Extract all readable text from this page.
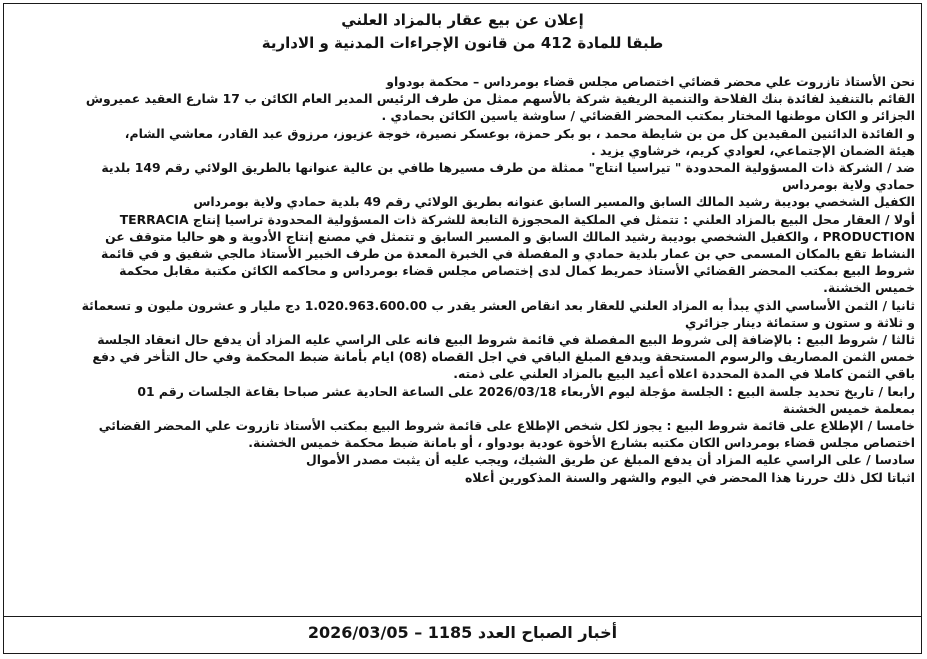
إعلان عن بيع عقار بالمزاد العلني
طبقا للمادة 412 من قانون الإجراءات المدنية و الادارية

نحن الأستاذ تازروت علي محضر قضائي اختصاص مجلس قضاء بومرداس – محكمة بودواو

القائم بالتنفيذ لفائدة بنك الفلاحة والتنمية الريفية شركة بالأسهم ممثل من طرف الرئيس المدير العام الكائن ب 17 شارع العقيد عميروش

الجزائر و الكان موطنها المختار بمكتب المحضر القضائي / ساوشة ياسين الكائن بحمادي .

و الفائدة الدائنين المقيدين كل من بن شايطة محمد ، بو بكر حمزة، بوعسكر نصيرة، خوجة عزيوز، مرزوق عبد القادر، معاشي الشام،

هيئة الضمان الإجتماعي، لعوادي كريم، خرشاوي يزيد .

ضد / الشركة ذات المسؤولية المحدودة " تيراسيا انتاج" ممثلة من طرف مسيرها طافي بن عالية عنوانها بالطريق الولائي رقم 149 بلدية

حمادي ولاية بومرداس

الكفيل الشخصي بوديبة رشيد المالك السابق والمسير السابق عنوانه بطريق الولائي رقم 49 بلدية حمادي ولاية بومرداس

أولا / العقار محل البيع بالمزاد العلني : تتمثل في الملكية المحجوزة التابعة للشركة ذات المسؤولية المحدودة تراسيا إنتاج TERRACIA

PRODUCTION ، والكفيل الشخصي بوديبة رشيد المالك السابق و المسير السابق و تتمثل في مصنع إنتاج الأدوية و هو حاليا متوقف عن

النشاط تقع بالمكان المسمى حي بن عمار بلدية حمادي و المفصلة في الخبرة المعدة من طرف الخبير الأستاذ مالجي شفيق و في قائمة

شروط البيع بمكتب المحضر القضائي الأستاذ حمريط كمال لدى إختصاص مجلس قضاء بومرداس و محاكمه الكائن مكتبة مقابل محكمة

خميس الخشنة.

ثانيا / الثمن الأساسي الذي يبدأ به المزاد العلني للعقار بعد انقاص العشر يقدر ب 1.020.963.600.00 دج مليار و عشرون مليون و تسعمائة

و ثلاثة و ستون و ستمائة دينار جزائري

ثالثا / شروط البيع : بالإضافة إلى شروط البيع المفصلة في قائمة شروط البيع فانه على الراسي عليه المزاد أن يدفع حال انعقاد الجلسة

خمس الثمن المصاريف والرسوم المستحقة ويدفع المبلغ الباقي في اجل القصاه (08) ايام بأمانة ضبط المحكمة وفي حال التأخر في دفع

باقي الثمن كاملا في المدة المحددة اعلاه أعيد البيع بالمزاد العلني على ذمته.

رابعا / تاريخ تحديد جلسة البيع : الجلسة مؤجلة ليوم الأربعاء 2026/03/18 على الساعة الحادية عشر صباحا بقاعة الجلسات رقم 01

بمعلمة خميس الخشنة

خامسا / الإطلاع على قائمة شروط البيع : يجوز لكل شخص الإطلاع على قائمة شروط البيع بمكتب الأستاذ تازروت علي المحضر القضائي

اختصاص مجلس قضاء بومرداس الكان مكتبه بشارع الأخوة عودية بودواو ، أو بامانة ضبط محكمة خميس الخشنة.

سادسا / على الراسي عليه المزاد أن يدفع المبلغ عن طريق الشيك، ويجب عليه أن يثبت مصدر الأموال

اثباتا لكل ذلك حررنا هذا المحضر في اليوم والشهر والسنة المذكورين أعلاه

أخبار الصباح العدد 1185 – 2026/03/05
